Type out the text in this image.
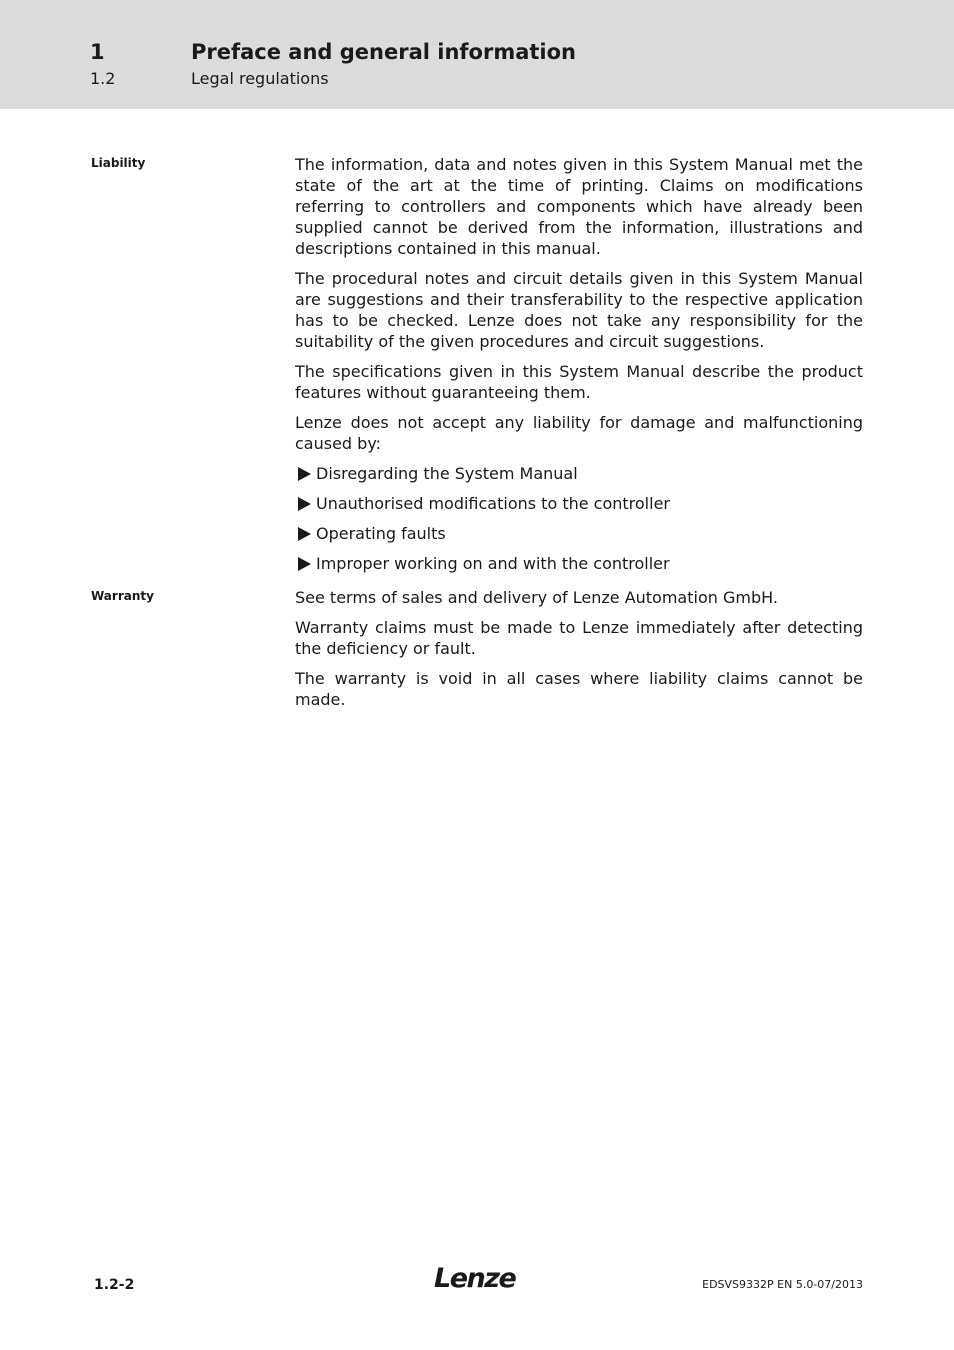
1	Preface and general information
1.2	Legal regulations
Liability	The information, data and notes given in this System Manual met the state of the art at the time of printing. Claims on modifications referring to controllers and components which have already been supplied cannot be derived from the information, illustrations and descriptions contained in this manual.

The procedural notes and circuit details given in this System Manual are suggestions and their transferability to the respective application has to be checked. Lenze does not take any responsibility for the suitability of the given procedures and circuit suggestions.

The specifications given in this System Manual describe the product features without guaranteeing them.

Lenze does not accept any liability for damage and malfunctioning caused by:

Disregarding the System Manual
Unauthorised modifications to the controller
Operating faults
Improper working on and with the controller
Warranty	See terms of sales and delivery of Lenze Automation GmbH.

Warranty claims must be made to Lenze immediately after detecting the deficiency or fault.

The warranty is void in all cases where liability claims cannot be made.

1.2-2	Lenze	EDSVS9332P EN 5.0-07/2013
